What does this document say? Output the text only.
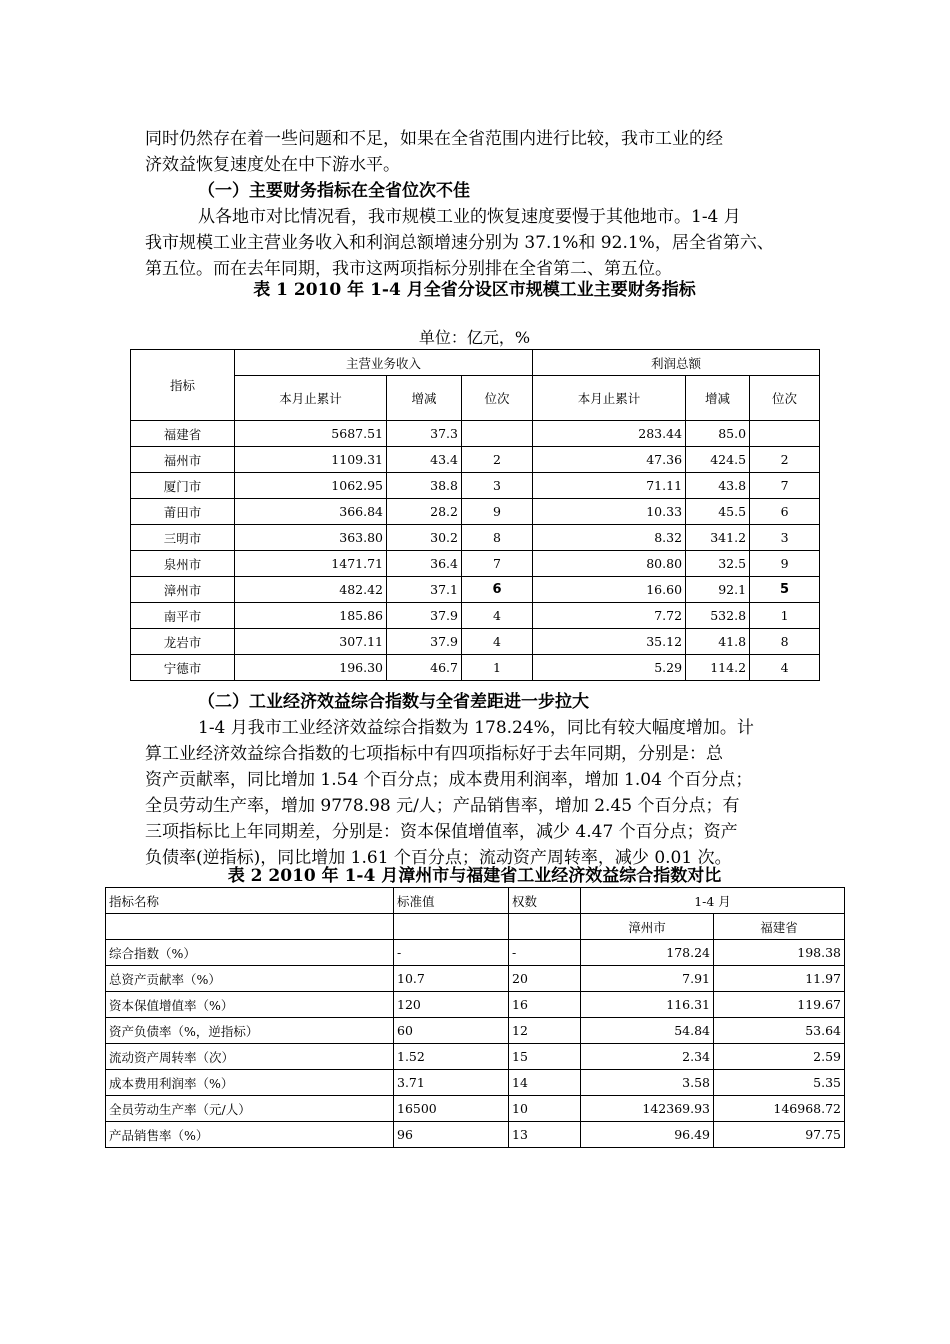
同时仍然存在着一些问题和不足，如果在全省范围内进行比较，我市工业的经

济效益恢复速度处在中下游水平。

（一）主要财务指标在全省位次不佳

从各地市对比情况看，我市规模工业的恢复速度要慢于其他地市。1-4 月

我市规模工业主营业务收入和利润总额增速分别为 37.1%和 92.1%，居全省第六、

第五位。而在去年同期，我市这两项指标分别排在全省第二、第五位。

表 1 2010 年 1-4 月全省分设区市规模工业主要财务指标

单位：亿元，%
指标	主营业务收入			利润总额		
	本月止累计	增减	位次	本月止累计	增减	位次
福建省	5687.51	37.3		283.44	85.0	
福州市	1109.31	43.4	2	47.36	424.5	2
厦门市	1062.95	38.8	3	71.11	43.8	7
莆田市	366.84	28.2	9	10.33	45.5	6
三明市	363.80	30.2	8	8.32	341.2	3
泉州市	1471.71	36.4	7	80.80	32.5	9
漳州市	482.42	37.1	6	16.60	92.1	5
南平市	185.86	37.9	4	7.72	532.8	1
龙岩市	307.11	37.9	4	35.12	41.8	8
宁德市	196.30	46.7	1	5.29	114.2	4

（二）工业经济效益综合指数与全省差距进一步拉大

1-4 月我市工业经济效益综合指数为 178.24%，同比有较大幅度增加。计

算工业经济效益综合指数的七项指标中有四项指标好于去年同期，分别是：总

资产贡献率，同比增加 1.54 个百分点；成本费用利润率，增加 1.04 个百分点；

全员劳动生产率，增加 9778.98 元/人；产品销售率，增加 2.45 个百分点；有

三项指标比上年同期差，分别是：资本保值增值率，减少 4.47 个百分点；资产

负债率(逆指标)，同比增加 1.61 个百分点；流动资产周转率，减少 0.01 次。

表 2 2010 年 1-4 月漳州市与福建省工业经济效益综合指数对比

指标名称	标准值	权数	1-4 月	
			漳州市	福建省
综合指数（%）	-	-	178.24	198.38
总资产贡献率（%）	10.7	20	7.91	11.97
资本保值增值率（%）	120	16	116.31	119.67
资产负债率（%，逆指标）	60	12	54.84	53.64
流动资产周转率（次）	1.52	15	2.34	2.59
成本费用利润率（%）	3.71	14	3.58	5.35
全员劳动生产率（元/人）	16500	10	142369.93	146968.72
产品销售率（%）	96	13	96.49	97.75
